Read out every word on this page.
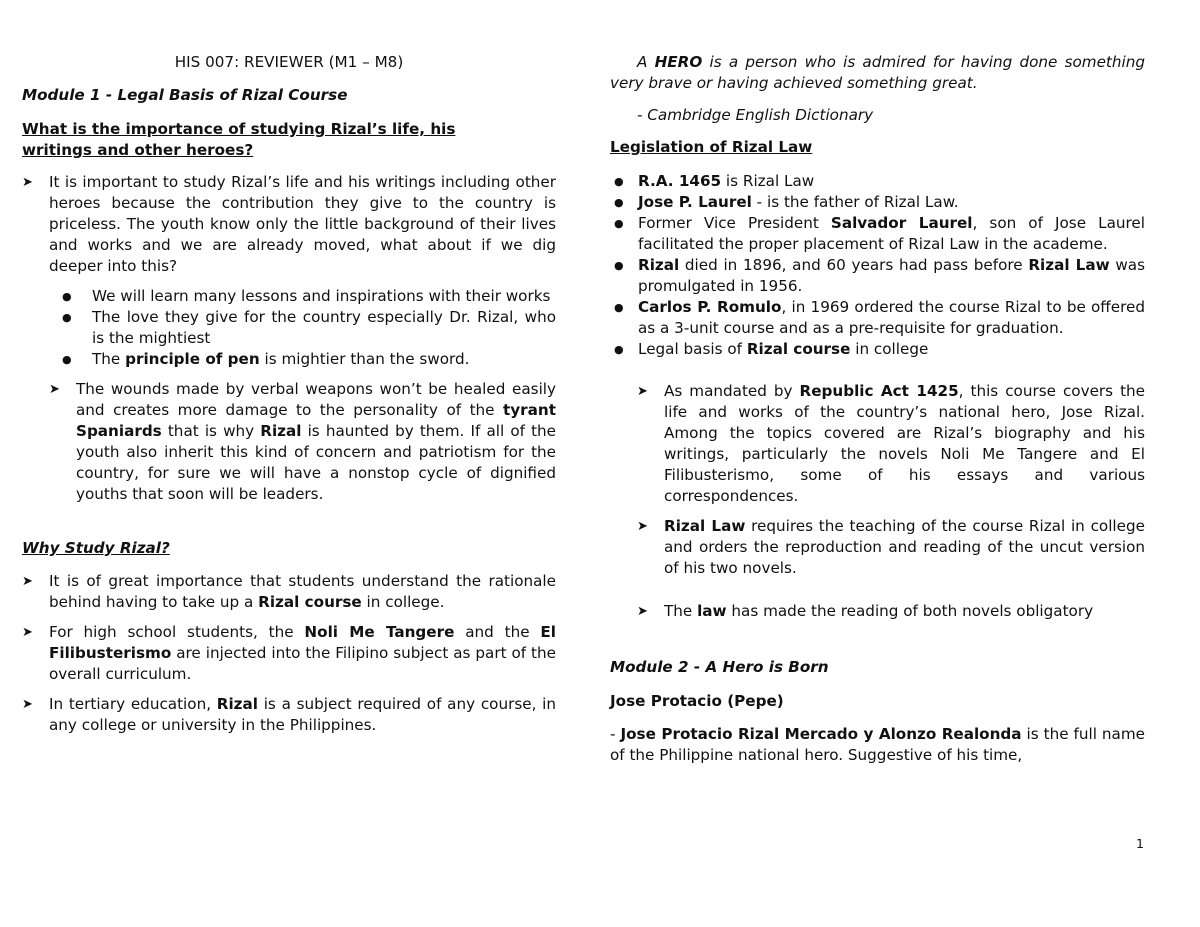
HIS 007: REVIEWER (M1 – M8)

Module 1 - Legal Basis of Rizal Course

What is the importance of studying Rizal’s life, his
writings and other heroes?

➤ It is important to study Rizal’s life and his writings including other heroes because the contribution they give to the country is priceless. The youth know only the little background of their lives and works and we are already moved, what about if we dig deeper into this?
● We will learn many lessons and inspirations with their works
● The love they give for the country especially Dr. Rizal, who is the mightiest
● The principle of pen is mightier than the sword.
➤ The wounds made by verbal weapons won’t be healed easily and creates more damage to the personality of the tyrant Spaniards that is why Rizal is haunted by them. If all of the youth also inherit this kind of concern and patriotism for the country, for sure we will have a nonstop cycle of dignified youths that soon will be leaders.

Why Study Rizal?

➤ It is of great importance that students understand the rationale behind having to take up a Rizal course in college.
➤ For high school students, the Noli Me Tangere and the El Filibusterismo are injected into the Filipino subject as part of the overall curriculum.
➤ In tertiary education, Rizal is a subject required of any course, in any college or university in the Philippines.

A HERO is a person who is admired for having done something very brave or having achieved something great.

- Cambridge English Dictionary

Legislation of Rizal Law

● R.A. 1465 is Rizal Law
● Jose P. Laurel - is the father of Rizal Law.
● Former Vice President Salvador Laurel, son of Jose Laurel facilitated the proper placement of Rizal Law in the academe.
● Rizal died in 1896, and 60 years had pass before Rizal Law was promulgated in 1956.
● Carlos P. Romulo, in 1969 ordered the course Rizal to be offered as a 3-unit course and as a pre-requisite for graduation.
● Legal basis of Rizal course in college
➤ As mandated by Republic Act 1425, this course covers the life and works of the country’s national hero, Jose Rizal. Among the topics covered are Rizal’s biography and his writings, particularly the novels Noli Me Tangere and El Filibusterismo, some of his essays and various correspondences.
➤ Rizal Law requires the teaching of the course Rizal in college and orders the reproduction and reading of the uncut version of his two novels.
➤ The law has made the reading of both novels obligatory

Module 2 - A Hero is Born

Jose Protacio (Pepe)

- Jose Protacio Rizal Mercado y Alonzo Realonda is the full name of the Philippine national hero. Suggestive of his time,

1
